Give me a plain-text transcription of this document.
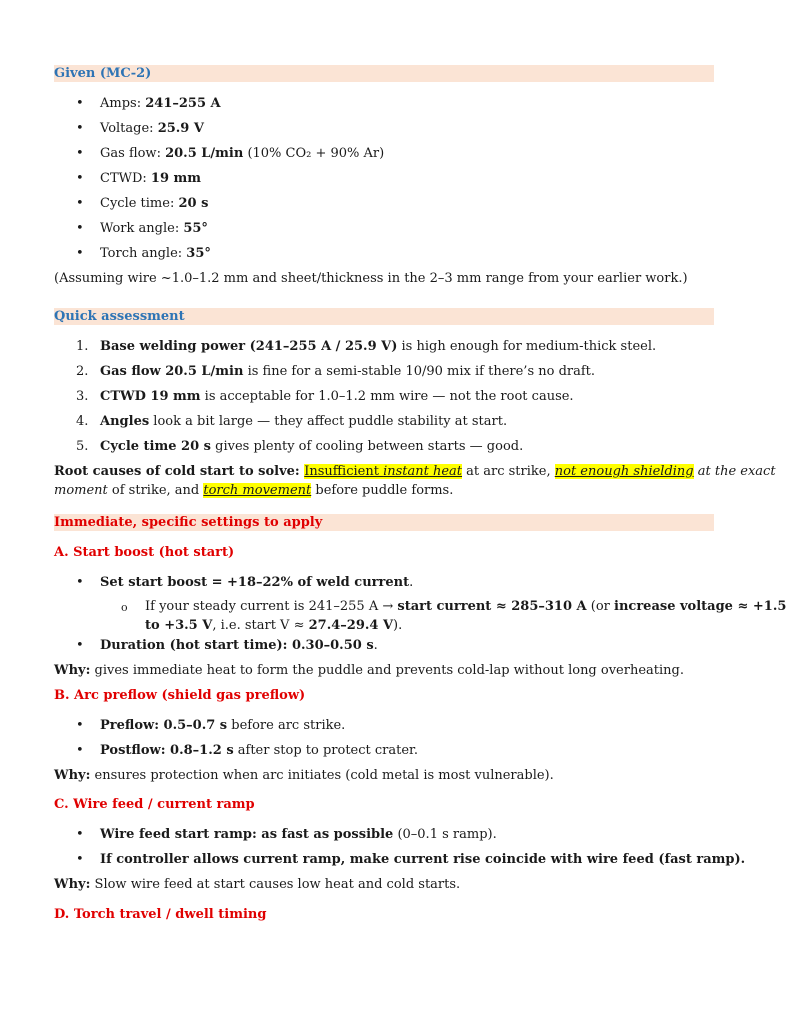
Given (MC-2)
•
Amps: 241–255 A
•
Voltage: 25.9 V
•
Gas flow: 20.5 L/min (10% CO₂ + 90% Ar)
•
CTWD: 19 mm
•
Cycle time: 20 s
•
Work angle: 55°
•
Torch angle: 35°
(Assuming wire ~1.0–1.2 mm and sheet/thickness in the 2–3 mm range from your earlier work.)
Quick assessment
1. Base welding power (241–255 A / 25.9 V) is high enough for medium-thick steel.
2. Gas flow 20.5 L/min is fine for a semi-stable 10/90 mix if there’s no draft.
3. CTWD 19 mm is acceptable for 1.0–1.2 mm wire — not the root cause.
4. Angles look a bit large — they affect puddle stability at start.
5. Cycle time 20 s gives plenty of cooling between starts — good.
Root causes of cold start to solve: Insufficient instant heat at arc strike, not enough shielding at the exact
moment of strike, and torch movement before puddle forms.
Immediate, specific settings to apply
A. Start boost (hot start)
•
Set start boost = +18–22% of weld current.
o If your steady current is 241–255 A → start current ≈ 285–310 A (or increase voltage ≈ +1.5
to +3.5 V, i.e. start V ≈ 27.4–29.4 V).
•
Duration (hot start time): 0.30–0.50 s.
Why: gives immediate heat to form the puddle and prevents cold-lap without long overheating.
B. Arc preflow (shield gas preflow)
•
Preflow: 0.5–0.7 s before arc strike.
•
Postflow: 0.8–1.2 s after stop to protect crater.
Why: ensures protection when arc initiates (cold metal is most vulnerable).
C. Wire feed / current ramp
•
Wire feed start ramp: as fast as possible (0–0.1 s ramp).
•
If controller allows current ramp, make current rise coincide with wire feed (fast ramp).
Why: Slow wire feed at start causes low heat and cold starts.
D. Torch travel / dwell timing
